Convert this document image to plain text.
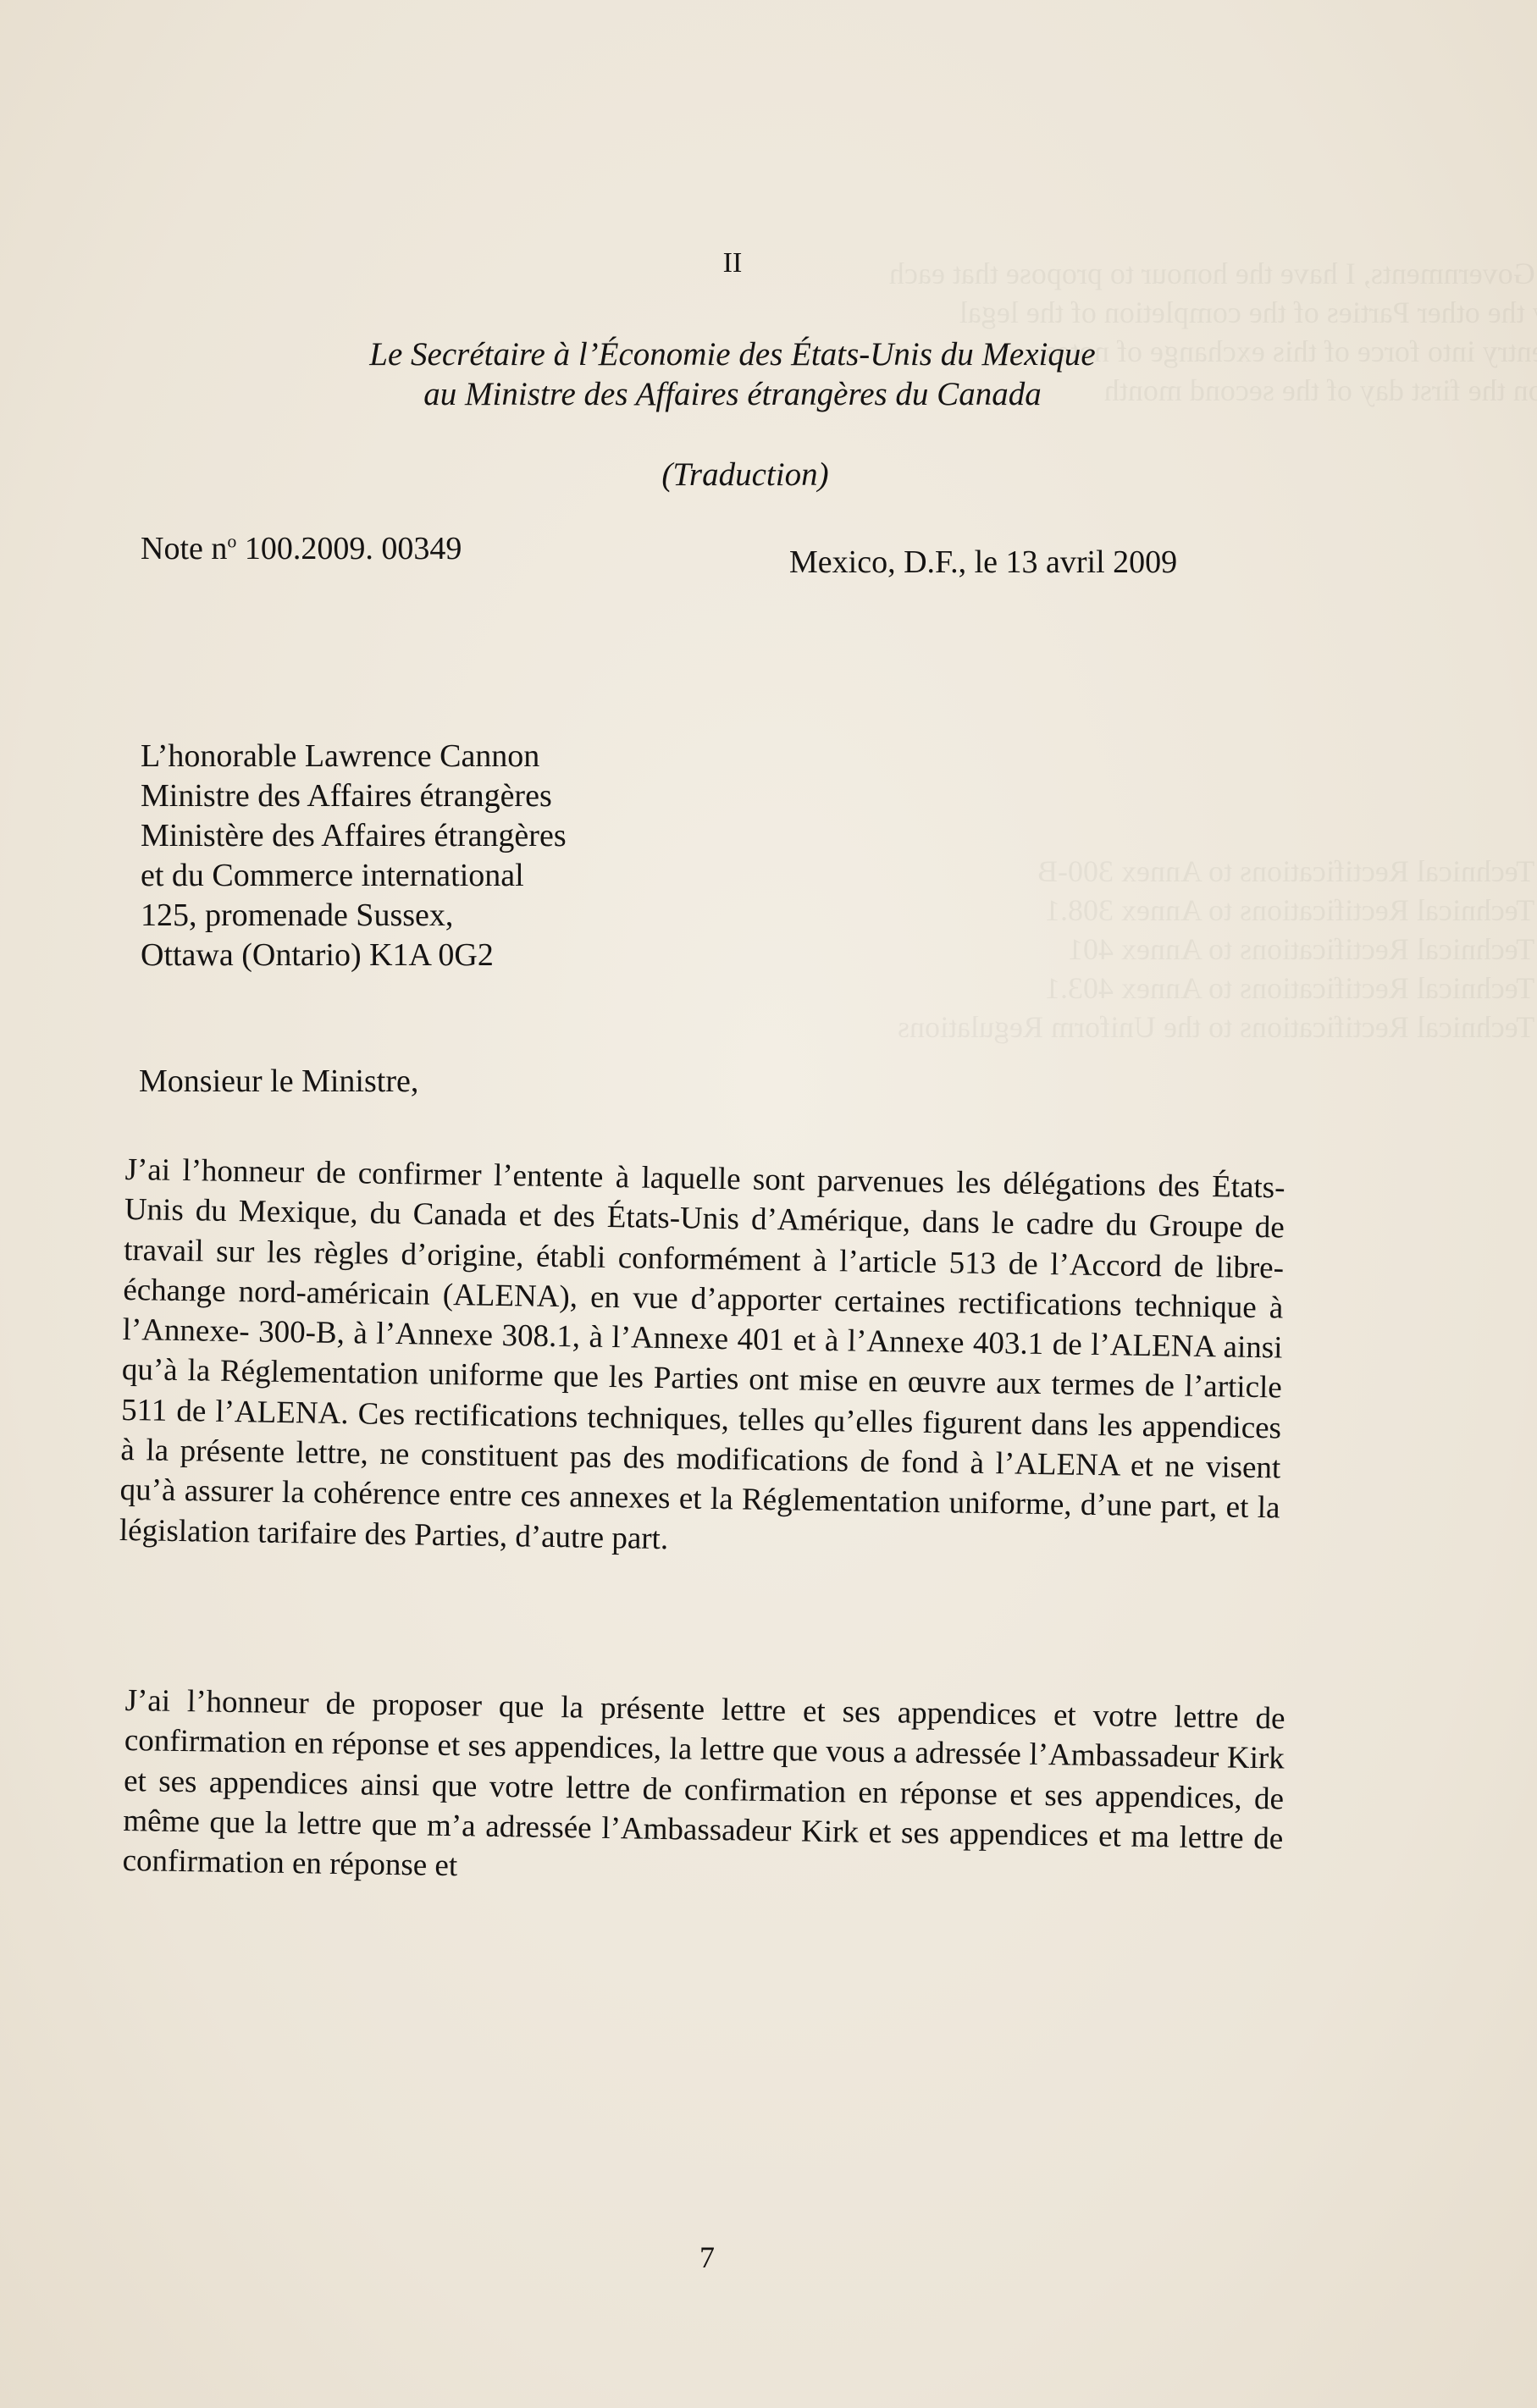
II
Le Secrétaire à l’Économie des États-Unis du Mexique
au Ministre des Affaires étrangères du Canada
(Traduction)
Note $n^o$ 100.2009. 00349	Mexico, D.F., le 13 avril 2009
L’honorable Lawrence Cannon
Ministre des Affaires étrangères
Ministère des Affaires étrangères
et du Commerce international
125, promenade Sussex,
Ottawa (Ontario) K1A 0G2
Monsieur le Ministre,
J’ai l’honneur de confirmer l’entente à laquelle sont parvenues les délégations des États-Unis du Mexique, du Canada et des États-Unis d’Amérique, dans le cadre du Groupe de travail sur les règles d’origine, établi conformément à l’article 513 de l’Accord de libre-échange nord-américain (ALENA), en vue d’apporter certaines rectifications technique à l’Annexe- 300-B, à l’Annexe 308.1, à l’Annexe 401 et à l’Annexe 403.1 de l’ALENA ainsi qu’à la Réglementation uniforme que les Parties ont mise en œuvre aux termes de l’article 511 de l’ALENA. Ces rectifications techniques, telles qu’elles figurent dans les appendices à la présente lettre, ne constituent pas des modifications de fond à l’ALENA et ne visent qu’à assurer la cohérence entre ces annexes et la Réglementation uniforme, d’une part, et la législation tarifaire des Parties, d’autre part.
J’ai l’honneur de proposer que la présente lettre et ses appendices et votre lettre de confirmation en réponse et ses appendices, la lettre que vous a adressée l’Ambassadeur Kirk et ses appendices ainsi que votre lettre de confirmation en réponse et ses appendices, de même que la lettre que m’a adressée l’Ambassadeur Kirk et ses appendices et ma lettre de confirmation en réponse et
7
